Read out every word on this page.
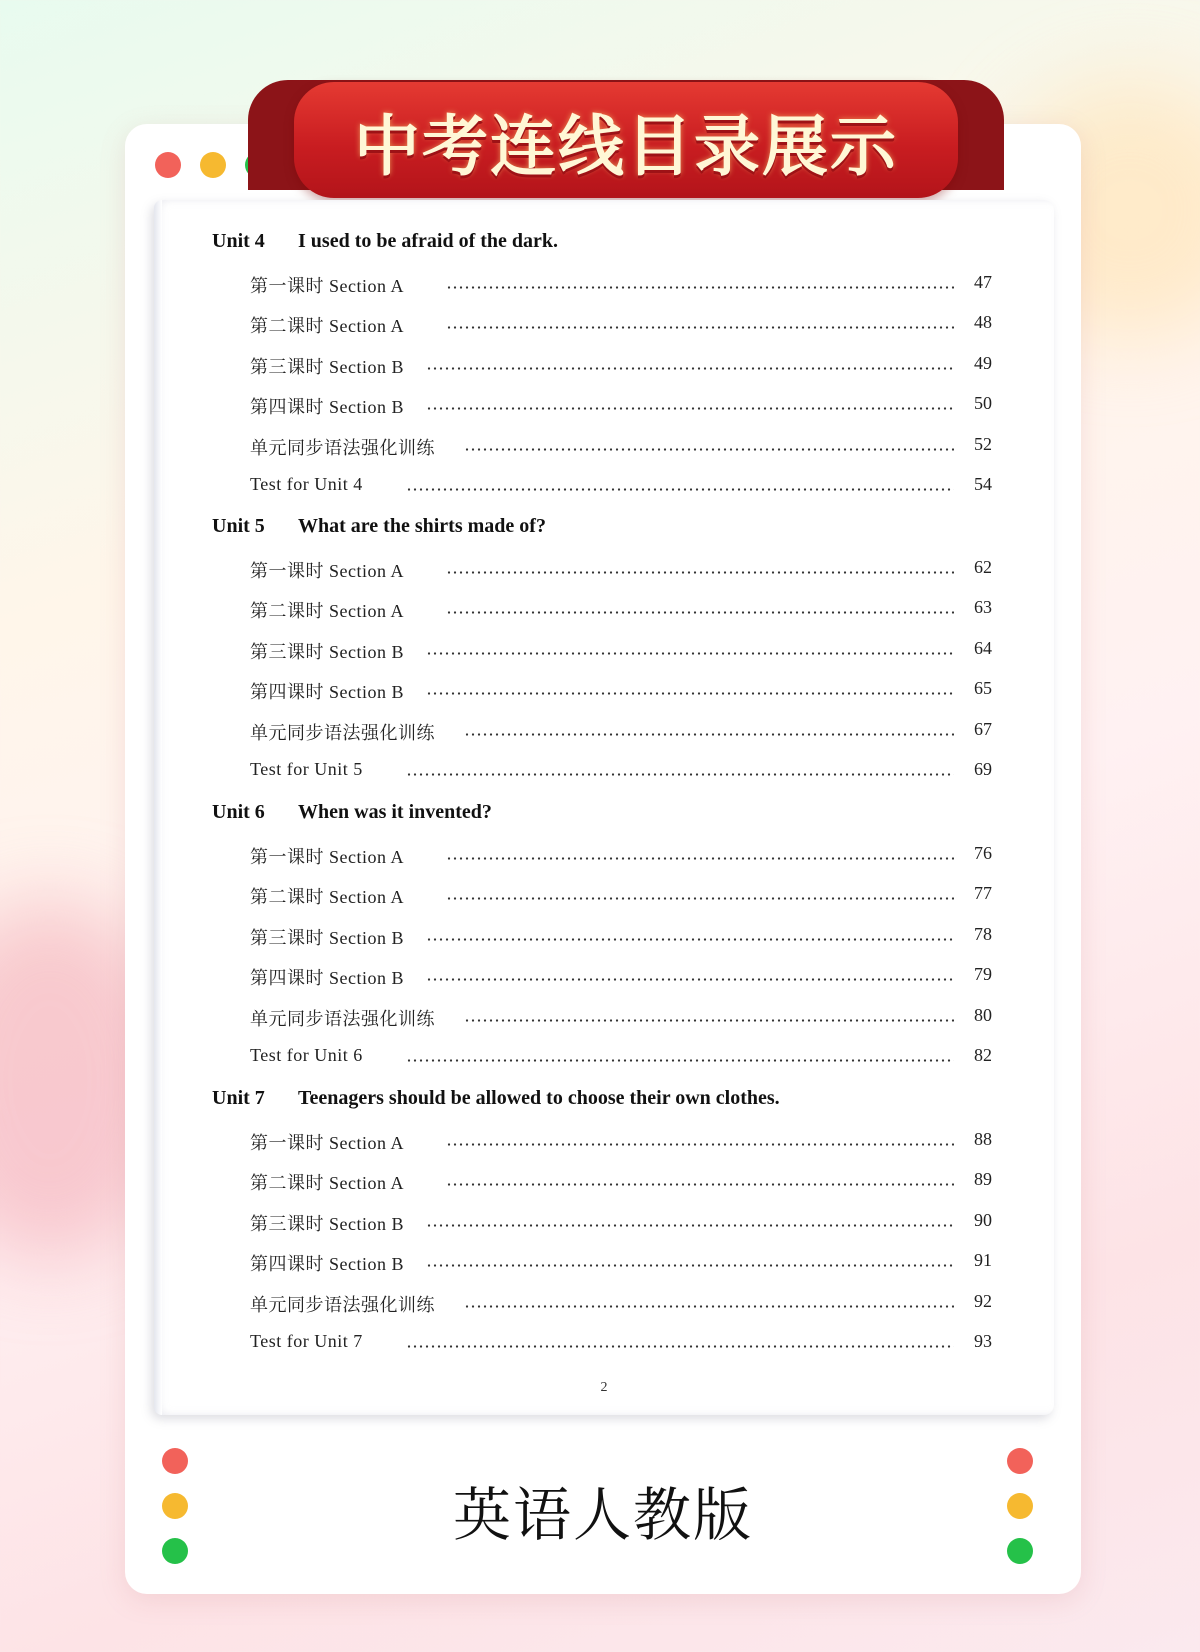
中考连线目录展示
Unit 4 I used to be afraid of the dark.
第一课时 Section A	47
第二课时 Section A	48
第三课时 Section B	49
第四课时 Section B	50
单元同步语法强化训练	52
Test for Unit 4	54
Unit 5 What are the shirts made of?
第一课时 Section A	62
第二课时 Section A	63
第三课时 Section B	64
第四课时 Section B	65
单元同步语法强化训练	67
Test for Unit 5	69
Unit 6 When was it invented?
第一课时 Section A	76
第二课时 Section A	77
第三课时 Section B	78
第四课时 Section B	79
单元同步语法强化训练	80
Test for Unit 6	82
Unit 7 Teenagers should be allowed to choose their own clothes.
第一课时 Section A	88
第二课时 Section A	89
第三课时 Section B	90
第四课时 Section B	91
单元同步语法强化训练	92
Test for Unit 7	93
2
英语人教版
